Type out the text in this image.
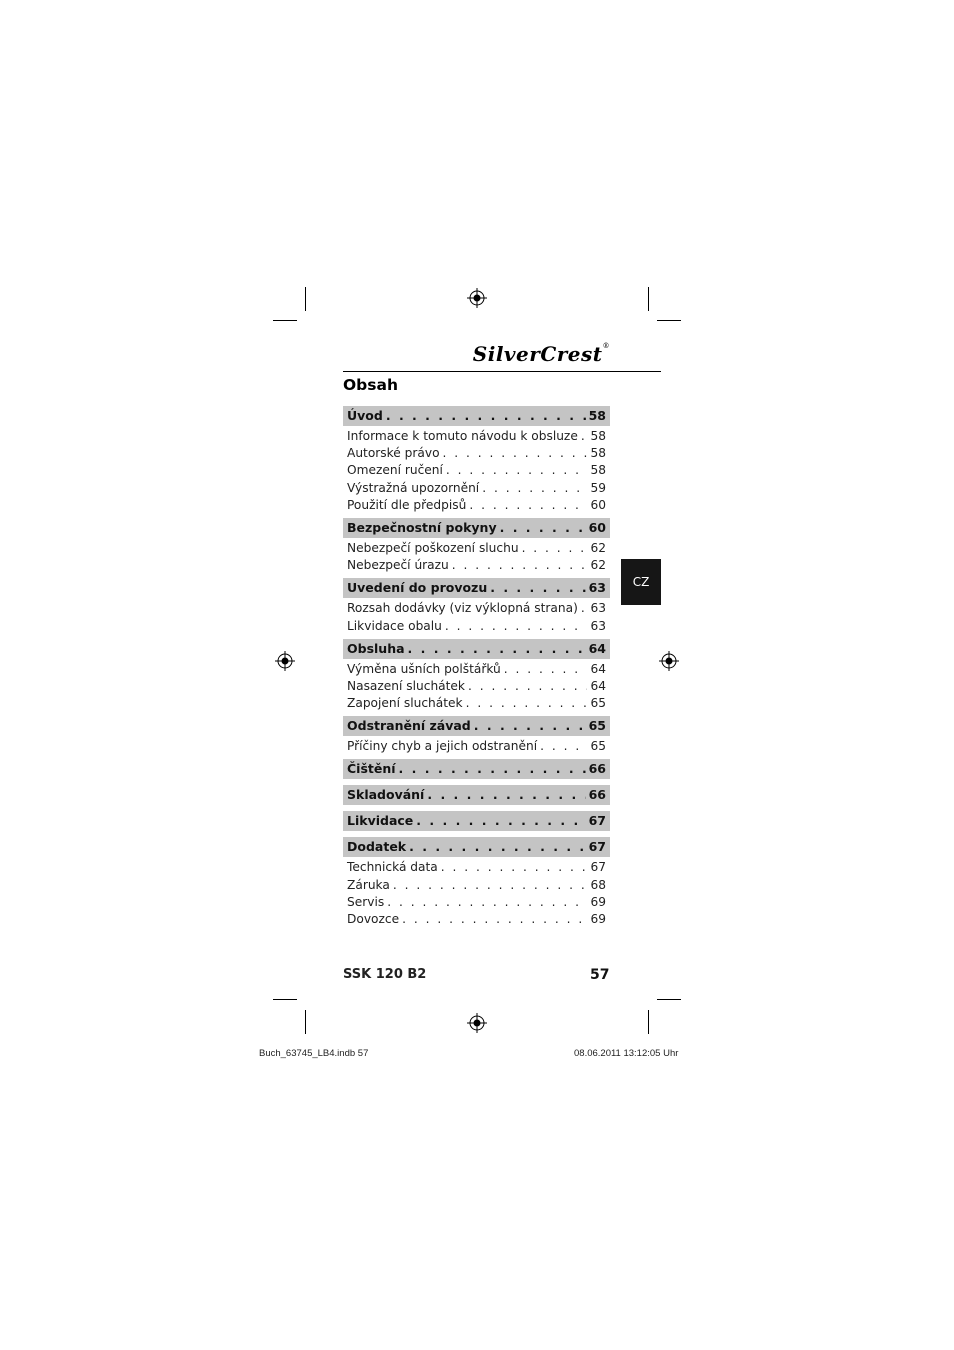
SilverCrest®
Obsah
Úvod . . .	58
Informace k tomuto návodu k obsluze . . . 58
Autorské právo . . .	58
Omezení ručení . . .	58
Výstražná upozornění . . .	59
Použití dle předpisů . . .	60
Bezpečnostní pokyny . . .	60
Nebezpečí poškození sluchu . . .	62
Nebezpečí úrazu . . .	62
Uvedení do provozu . . .	63
Rozsah dodávky (viz výklopná strana) . . . 63
Likvidace obalu . . .	63
Obsluha . . .	64
Výměna ušních polštářků . . .	64
Nasazení sluchátek . . .	64
Zapojení sluchátek . . .	65
Odstranění závad . . .	65
Příčiny chyb a jejich odstranění . . .	65
Čištění . . .	66
Skladování . . .	66
Likvidace . . .	67
Dodatek . . .	67
Technická data . . .	67
Záruka . . .	68
Servis . . .	69
Dovozce . . .	69
CZ
SSK 120 B2	57
Buch_63745_LB4.indb 57	08.06.2011 13:12:05 Uhr
